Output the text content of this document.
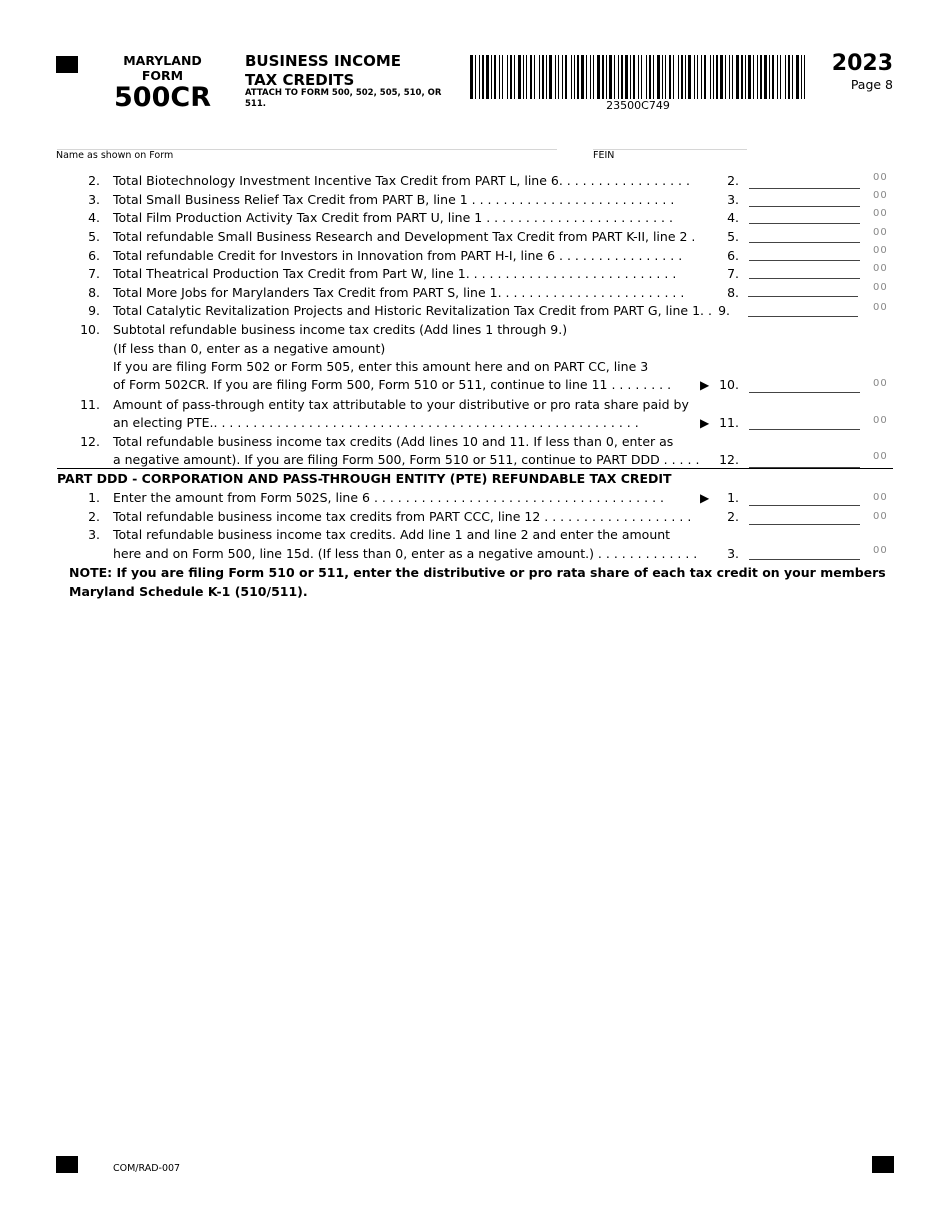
MARYLAND
FORM
500CR
BUSINESS INCOME
TAX CREDITS
ATTACH TO FORM 500, 502, 505, 510, OR 511.	23500C749
2023
Page 8
Name as shown on Form	FEIN
2. Total Biotechnology Investment Incentive Tax Credit from PART L, line 6. . . . . . . . . . . . . . . . .	2.	00
3. Total Small Business Relief Tax Credit from PART B, line 1 . . . . . . . . . . . . . . . . . . . . . . . . . .	3.	00
4. Total Film Production Activity Tax Credit from PART U, line 1 . . . . . . . . . . . . . . . . . . . . . . . .	4.	00
5. Total refundable Small Business Research and Development Tax Credit from PART K-II, line 2 .	5.	00
6. Total refundable Credit for Investors in Innovation from PART H-I, line 6 . . . . . . . . . . . . . . . .	6.	00
7. Total Theatrical Production Tax Credit from Part W, line 1. . . . . . . . . . . . . . . . . . . . . . . . . . .	7.	00
8. Total More Jobs for Marylanders Tax Credit from PART S, line 1. . . . . . . . . . . . . . . . . . . . . . . .	8.	00
9. Total Catalytic Revitalization Projects and Historic Revitalization Tax Credit from PART G, line 1. . 9.	00
10. Subtotal refundable business income tax credits (Add lines 1 through 9.)
(If less than 0, enter as a negative amount)
If you are filing Form 502 or Form 505, enter this amount here and on PART CC, line 3
of Form 502CR. If you are filing Form 500, Form 510 or 511, continue to line 11 . . . . . . . . ▶ 10.	00
11. Amount of pass-through entity tax attributable to your distributive or pro rata share paid by
an electing PTE.. . . . . . . . . . . . . . . . . . . . . . . . . . . . . . . . . . . . . . . . . . . . . . . . . . . . . .	▶ 11.	00
12. Total refundable business income tax credits (Add lines 10 and 11. If less than 0, enter as
a negative amount). If you are filing Form 500, Form 510 or 511, continue to PART DDD . . . . . 12.	00
PART DDD - CORPORATION AND PASS-THROUGH ENTITY (PTE) REFUNDABLE TAX CREDIT
1. Enter the amount from Form 502S, line 6 . . . . . . . . . . . . . . . . . . . . . . . . . . . . . . . . . . . . .	▶ 1.	00
2. Total refundable business income tax credits from PART CCC, line 12 . . . . . . . . . . . . . . . . . . .	2.	00
3. Total refundable business income tax credits. Add line 1 and line 2 and enter the amount
here and on Form 500, line 15d. (If less than 0, enter as a negative amount.) . . . . . . . . . . . . . 3.	00
NOTE: If you are filing Form 510 or 511, enter the distributive or pro rata share of each tax credit on your members Maryland Schedule K-1 (510/511).
COM/RAD-007
